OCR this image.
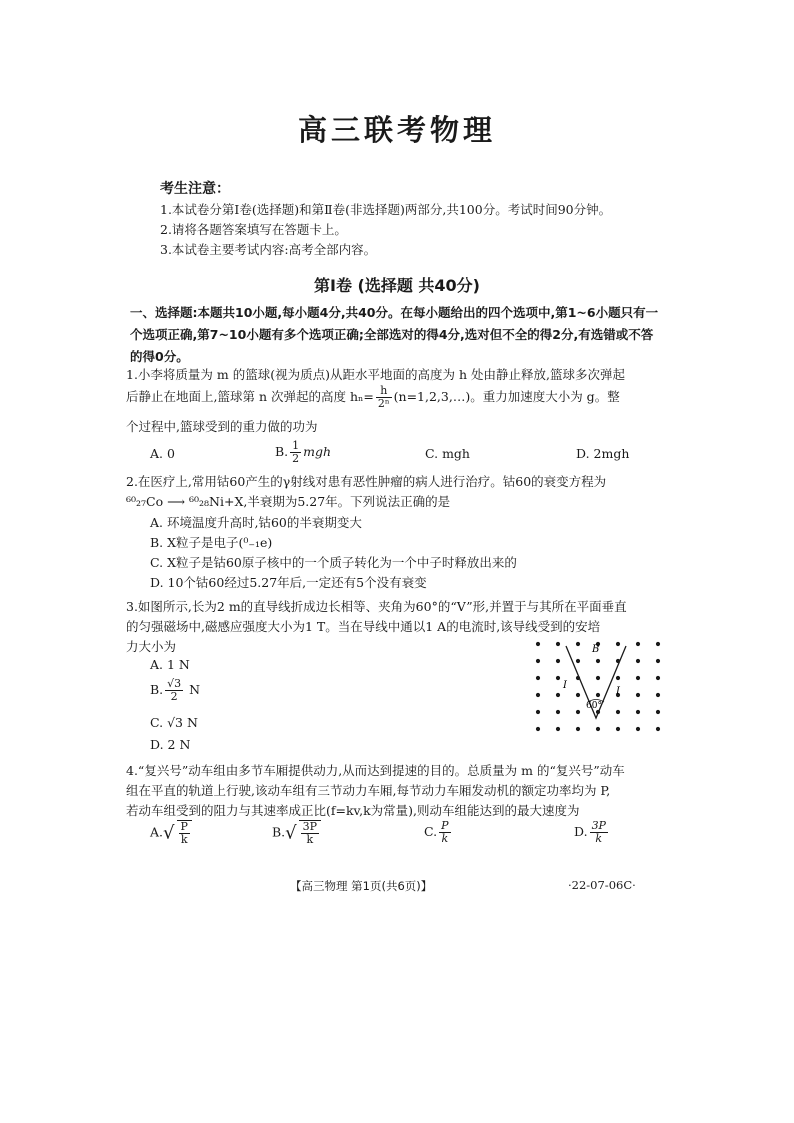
高三联考物理
考生注意：
1.本试卷分第Ⅰ卷(选择题)和第Ⅱ卷(非选择题)两部分,共100分。考试时间90分钟。
2.请将各题答案填写在答题卡上。
3.本试卷主要考试内容:高考全部内容。
第Ⅰ卷 (选择题 共40分)
一、选择题:本题共10小题,每小题4分,共40分。在每小题给出的四个选项中,第1~6小题只有一个选项正确,第7~10小题有多个选项正确;全部选对的得4分,选对但不全的得2分,有选错或不答的得0分。
1.小李将质量为 m 的篮球(视为质点)从距水平地面的高度为 h 处由静止释放,篮球多次弹起
后静止在地面上,篮球第 n 次弹起的高度 $h_n= \frac{h}{\text{2ⁿ}}$ (n=1,2,3,…)。重力加速度大小为 g。整
个过程中,篮球受到的重力做的功为
A. 0	B. $\frac{1}{2}$ mgh	C. mgh	D. 2mgh
2.在医疗上,常用钴60产生的γ射线对患有恶性肿瘤的病人进行治疗。钴60的衰变方程为
⁶⁰₂₇Co ⟶ ⁶⁰₂₈Ni+X,半衰期为5.27年。下列说法正确的是
A. 环境温度升高时,钴60的半衰期变大
B. X粒子是电子(⁰₋₁e)
C. X粒子是钴60原子核中的一个质子转化为一个中子时释放出来的
D. 10个钴60经过5.27年后,一定还有5个没有衰变
3.如图所示,长为2 m的直导线折成边长相等、夹角为60°的“V”形,并置于与其所在平面垂直
的匀强磁场中,磁感应强度大小为1 T。当在导线中通以1 A的电流时,该导线受到的安培
力大小为
A. 1 N
B. $\frac{√3}{2}$ N
C. √3 N
D. 2 N
B
I
I
60°
4.“复兴号”动车组由多节车厢提供动力,从而达到提速的目的。总质量为 m 的“复兴号”动车
组在平直的轨道上行驶,该动车组有三节动力车厢,每节动力车厢发动机的额定功率均为 P,
若动车组受到的阻力与其速率成正比(f=kv,k为常量),则动车组能达到的最大速度为
$A.√ \frac{P}{k}$	$B.√ \frac{3P}{k}$	C. $\frac{P}{k}$	D. $\frac{3P}{k}$
【高三物理 第1页(共6页)】	·22-07-06C·
